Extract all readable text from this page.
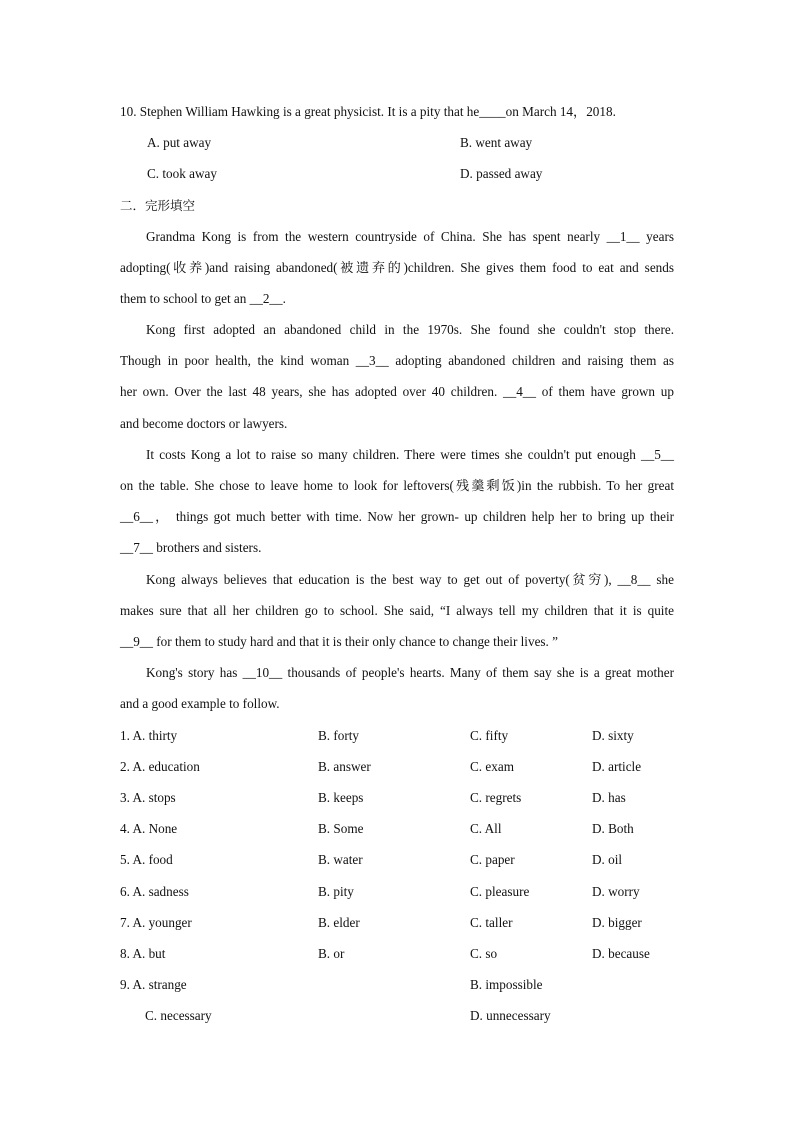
10. Stephen William Hawking is a great physicist. It is a pity that he____on March 14，2018.
A. put away	B. went away
C. took away	D. passed away
二．完形填空
Grandma Kong is from the western countryside of China. She has spent nearly __1__ years
adopting(收养)and raising abandoned(被遗弃的)children. She gives them food to eat and sends
them to school to get an __2__.
Kong first adopted an abandoned child in the 1970s. She found she couldn't stop there.
Though in poor health, the kind woman __3__ adopting abandoned children and raising them as
her own. Over the last 48 years, she has adopted over 40 children. __4__ of them have grown up
and become doctors or lawyers.
It costs Kong a lot to raise so many children. There were times she couldn't put enough __5__
on the table. She chose to leave home to look for leftovers(残羹剩饭)in the rubbish. To her great
__6__， things got much better with time. Now her grown- up children help her to bring up their
__7__ brothers and sisters.
Kong always believes that education is the best way to get out of poverty(贫穷), __8__ she
makes sure that all her children go to school. She said, “I always tell my children that it is quite
__9__ for them to study hard and that it is their only chance to change their lives. ”
Kong's story has __10__ thousands of people's hearts. Many of them say she is a great mother
and a good example to follow.
1. A. thirty	B. forty	C. fifty	D. sixty
2. A. education	B. answer	C. exam	D. article
3. A. stops	B. keeps	C. regrets	D. has
4. A. None	B. Some	C. All	D. Both
5. A. food	B. water	C. paper	D. oil
6. A. sadness	B. pity	C. pleasure	D. worry
7. A. younger	B. elder	C. taller	D. bigger
8. A. but	B. or	C. so	D. because
9. A. strange	B. impossible
C. necessary	D. unnecessary
